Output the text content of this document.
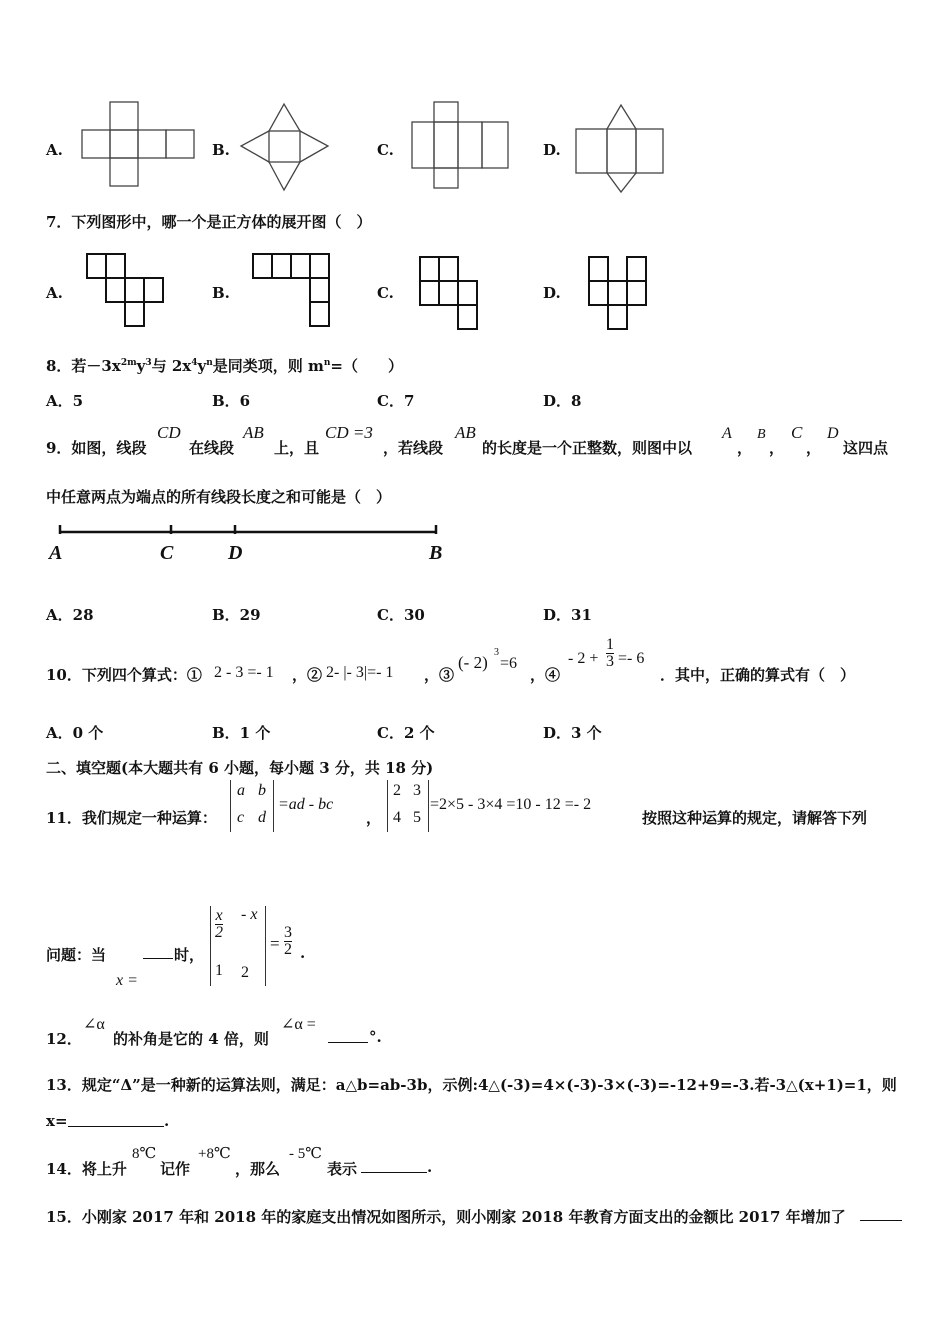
A.	B.	C.	D.
7．下列图形中，哪一个是正方体的展开图（　）
A.	B.	C.	D.
8．若$-3x^{2m}y^3$与 $2x^4y^n$是同类项，则 $m^n=$（　　）
A．5	B．6	C．7	D．8
9．如图，线段
CD
在线段
AB
上，且
CD =3
，若线段
AB
的长度是一个正整数，则图中以
A
，
B
，
C
，
D
这四点
中任意两点为端点的所有线段长度之和可能是（　）
A	C	D	B
A．28	B．29	C．30	D．31
10．下列四个算式：① 2 - 3 =- 1 ，② 2- |- 3|=- 1 ，③
(- 2)
3
=6
，④
- $2 + \frac{1}{3} =- 6$
．其中，正确的算式有（　）
A．0 个	B．1 个	C．2 个	D．3 个
二、填空题(本大题共有 6 小题，每小题 3 分，共 18 分)
11．我们规定一种运算：
a b
c d
=ad - bc
，
2 3
4 5
=2×5 - 3×4 =10 - 12 =- 2
按照这种运算的规定，请解答下列
问题：当
x =
时，
$\frac{x}{2}$ - x
1 2
= $\frac{3}{2}$ .
12．
∠α
的补角是它的 4 倍，则
∠α =
°.
13．规定“Δ”是一种新的运算法则，满足：a△b=ab-3b，示例:4△(-3)=4×(-3)-3×(-3)=-12+9=-3.若-3△(x+1)=1，则
x=	.
14．将上升
8℃
记作
+8℃
，那么
- 5℃
表示	.
15．小刚家 2017 年和 2018 年的家庭支出情况如图所示，则小刚家 2018 年教育方面支出的金额比 2017 年增加了
